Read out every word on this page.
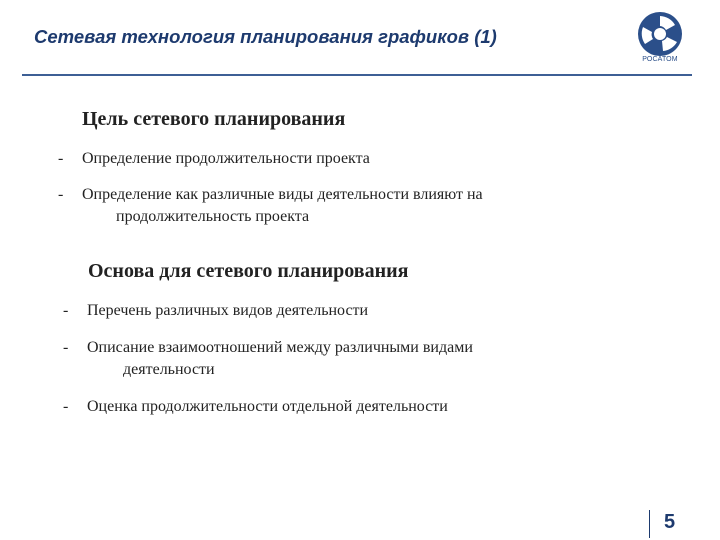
Сетевая технология планирования графиков (1)
РОСАТОМ
Цель сетевого планирования
- Определение продолжительности проекта
- Определение как различные виды деятельности влияют на
продолжительность проекта
Основа для сетевого планирования
- Перечень различных видов деятельности
- Описание взаимоотношений между различными видами
деятельности
- Оценка продолжительности отдельной деятельности
5
